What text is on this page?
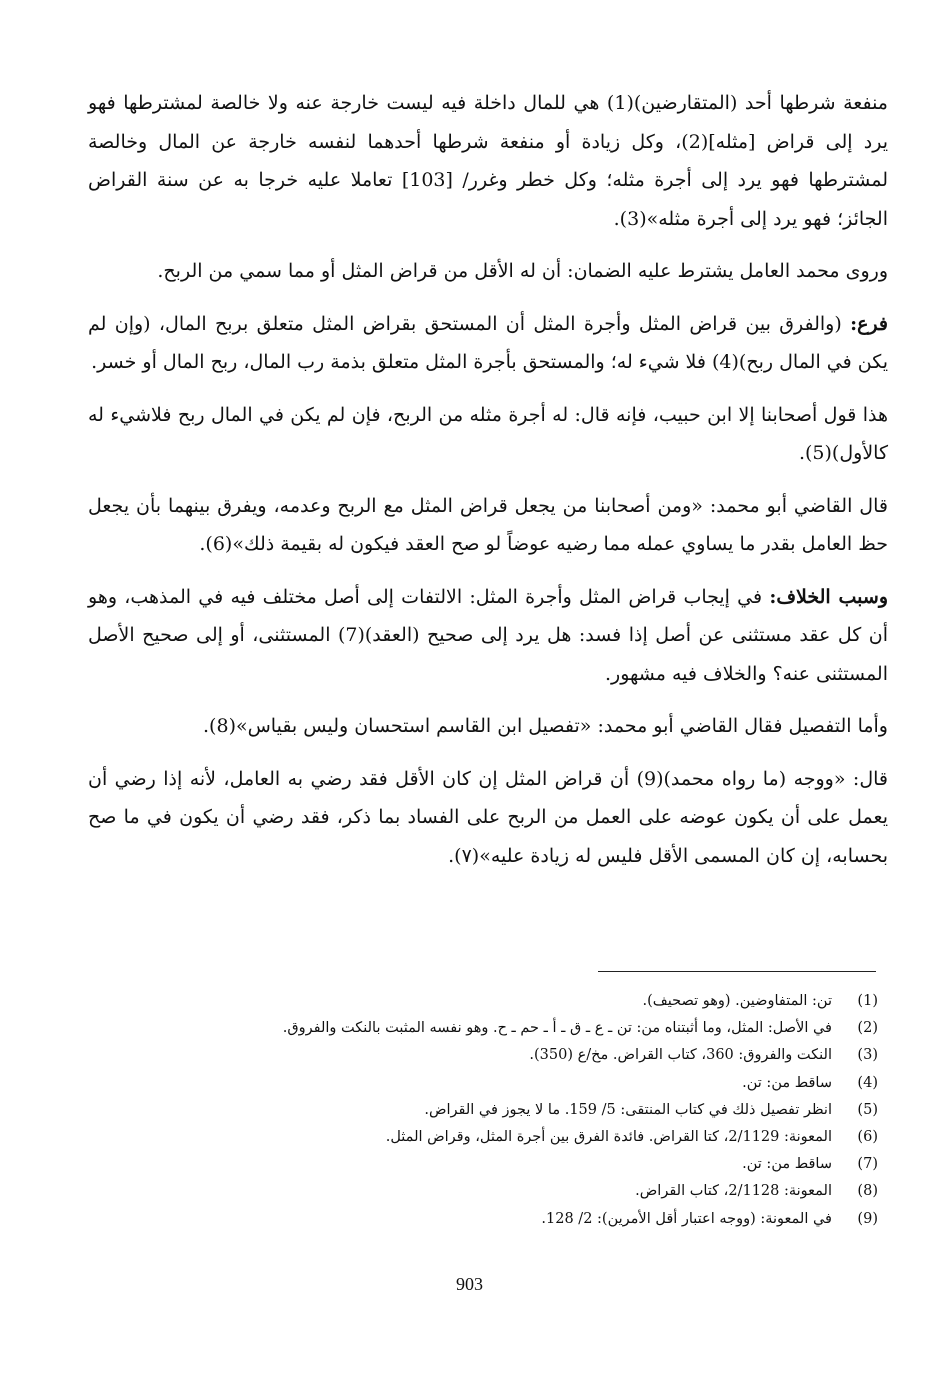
منفعة شرطها أحد (المتقارضين)(1) هي للمال داخلة فيه ليست خارجة عنه ولا خالصة لمشترطها فهو يرد إلى قراض [مثله](2)، وكل زيادة أو منفعة شرطها أحدهما لنفسه خارجة عن المال وخالصة لمشترطها فهو يرد إلى أجرة مثله؛ وكل خطر وغرر/ [103] تعاملا عليه خرجا به عن سنة القراض الجائز؛ فهو يرد إلى أجرة مثله»(3).

وروى محمد العامل يشترط عليه الضمان: أن له الأقل من قراض المثل أو مما سمي من الربح.

فرع: (والفرق بين قراض المثل وأجرة المثل أن المستحق بقراض المثل متعلق بربح المال، (وإن لم يكن في المال ربح)(4) فلا شيء له؛ والمستحق بأجرة المثل متعلق بذمة رب المال، ربح المال أو خسر.

هذا قول أصحابنا إلا ابن حبيب، فإنه قال: له أجرة مثله من الربح، فإن لم يكن في المال ربح فلاشيء له كالأول)(5).

قال القاضي أبو محمد: «ومن أصحابنا من يجعل قراض المثل مع الربح وعدمه، ويفرق بينهما بأن يجعل حظ العامل بقدر ما يساوي عمله مما رضيه عوضاً لو صح العقد فيكون له بقيمة ذلك»(6).

وسبب الخلاف: في إيجاب قراض المثل وأجرة المثل: الالتفات إلى أصل مختلف فيه في المذهب، وهو أن كل عقد مستثنى عن أصل إذا فسد: هل يرد إلى صحيح (العقد)(7) المستثنى، أو إلى صحيح الأصل المستثنى عنه؟ والخلاف فيه مشهور.

وأما التفصيل فقال القاضي أبو محمد: «تفصيل ابن القاسم استحسان وليس بقياس»(8).

قال: «ووجه (ما رواه محمد)(9) أن قراض المثل إن كان الأقل فقد رضي به العامل، لأنه إذا رضي أن يعمل على أن يكون عوضه على العمل من الربح على الفساد بما ذكر، فقد رضي أن يكون في ما صح بحسابه، إن كان المسمى الأقل فليس له زيادة عليه»(٧).

(1)
تن: المتفاوضين. (وهو تصحيف).
(2)
في الأصل: المثل، وما أثبتناه من: تن ـ ع ـ ق ـ أ ـ حم ـ ح. وهو نفسه المثبت بالنكت والفروق.
(3)
النكت والفروق: 360، كتاب القراض. مخ/ع (350).
(4)
ساقط من: تن.
(5)
انظر تفصيل ذلك في كتاب المنتقى: 5/ 159. ما لا يجوز في القراض.
(6)
المعونة: 2/1129، كتا القراض. فائدة الفرق بين أجرة المثل، وقراض المثل.
(7)
ساقط من: تن.
(8)
المعونة: 2/1128، كتاب القراض.
(9)
في المعونة: (ووجه اعتبار أقل الأمرين): 2/ 128.
903
